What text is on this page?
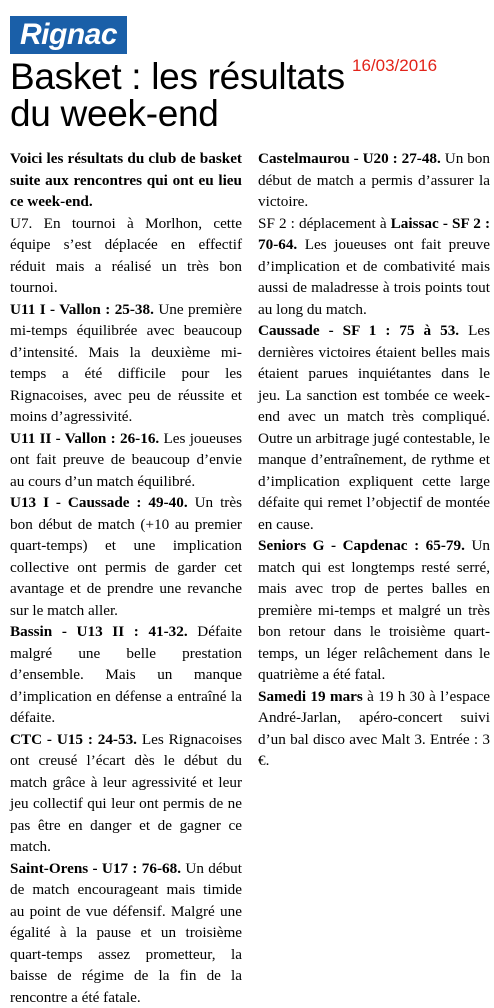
Rignac
16/03/2016
Basket : les résultats du week-end

Voici les résultats du club de basket suite aux rencontres qui ont eu lieu ce week-end.

U7. En tournoi à Morlhon, cette équipe s’est déplacée en effectif réduit mais a réalisé un très bon tournoi.

U11 I - Vallon : 25-38. Une première mi-temps équilibrée avec beaucoup d’intensité. Mais la deuxième mi-temps a été difficile pour les Rignacoises, avec peu de réussite et moins d’agressivité.

U11 II - Vallon : 26-16. Les joueuses ont fait preuve de beaucoup d’envie au cours d’un match équilibré.

U13 I - Caussade : 49-40. Un très bon début de match (+10 au premier quart-temps) et une implication collective ont permis de garder cet avantage et de prendre une revanche sur le match aller.

Bassin - U13 II : 41-32. Défaite malgré une belle prestation d’ensemble. Mais un manque d’implication en défense a entraîné la défaite.

CTC - U15 : 24-53. Les Rignacoises ont creusé l’écart dès le début du match grâce à leur agressivité et leur jeu collectif qui leur ont permis de ne pas être en danger et de gagner ce match.

Saint-Orens - U17 : 76-68. Un début de match encourageant mais timide au point de vue défensif. Malgré une égalité à la pause et un troisième quart-temps assez prometteur, la baisse de régime de la fin de la rencontre a été fatale.

Castelmaurou - U20 : 27-48. Un bon début de match a permis d’assurer la victoire.

SF 2 : déplacement à Laissac - SF 2 : 70-64. Les joueuses ont fait preuve d’implication et de combativité mais aussi de maladresse à trois points tout au long du match.

Caussade - SF 1 : 75 à 53. Les dernières victoires étaient belles mais étaient parues inquiétantes dans le jeu. La sanction est tombée ce week-end avec un match très compliqué. Outre un arbitrage jugé contestable, le manque d’entraînement, de rythme et d’implication expliquent cette large défaite qui remet l’objectif de montée en cause.

Seniors G - Capdenac : 65-79. Un match qui est longtemps resté serré, mais avec trop de pertes balles en première mi-temps et malgré un très bon retour dans le troisième quart-temps, un léger relâchement dans le quatrième a été fatal.

Samedi 19 mars à 19 h 30 à l’espace André-Jarlan, apéro-concert suivi d’un bal disco avec Malt 3. Entrée : 3 €.
